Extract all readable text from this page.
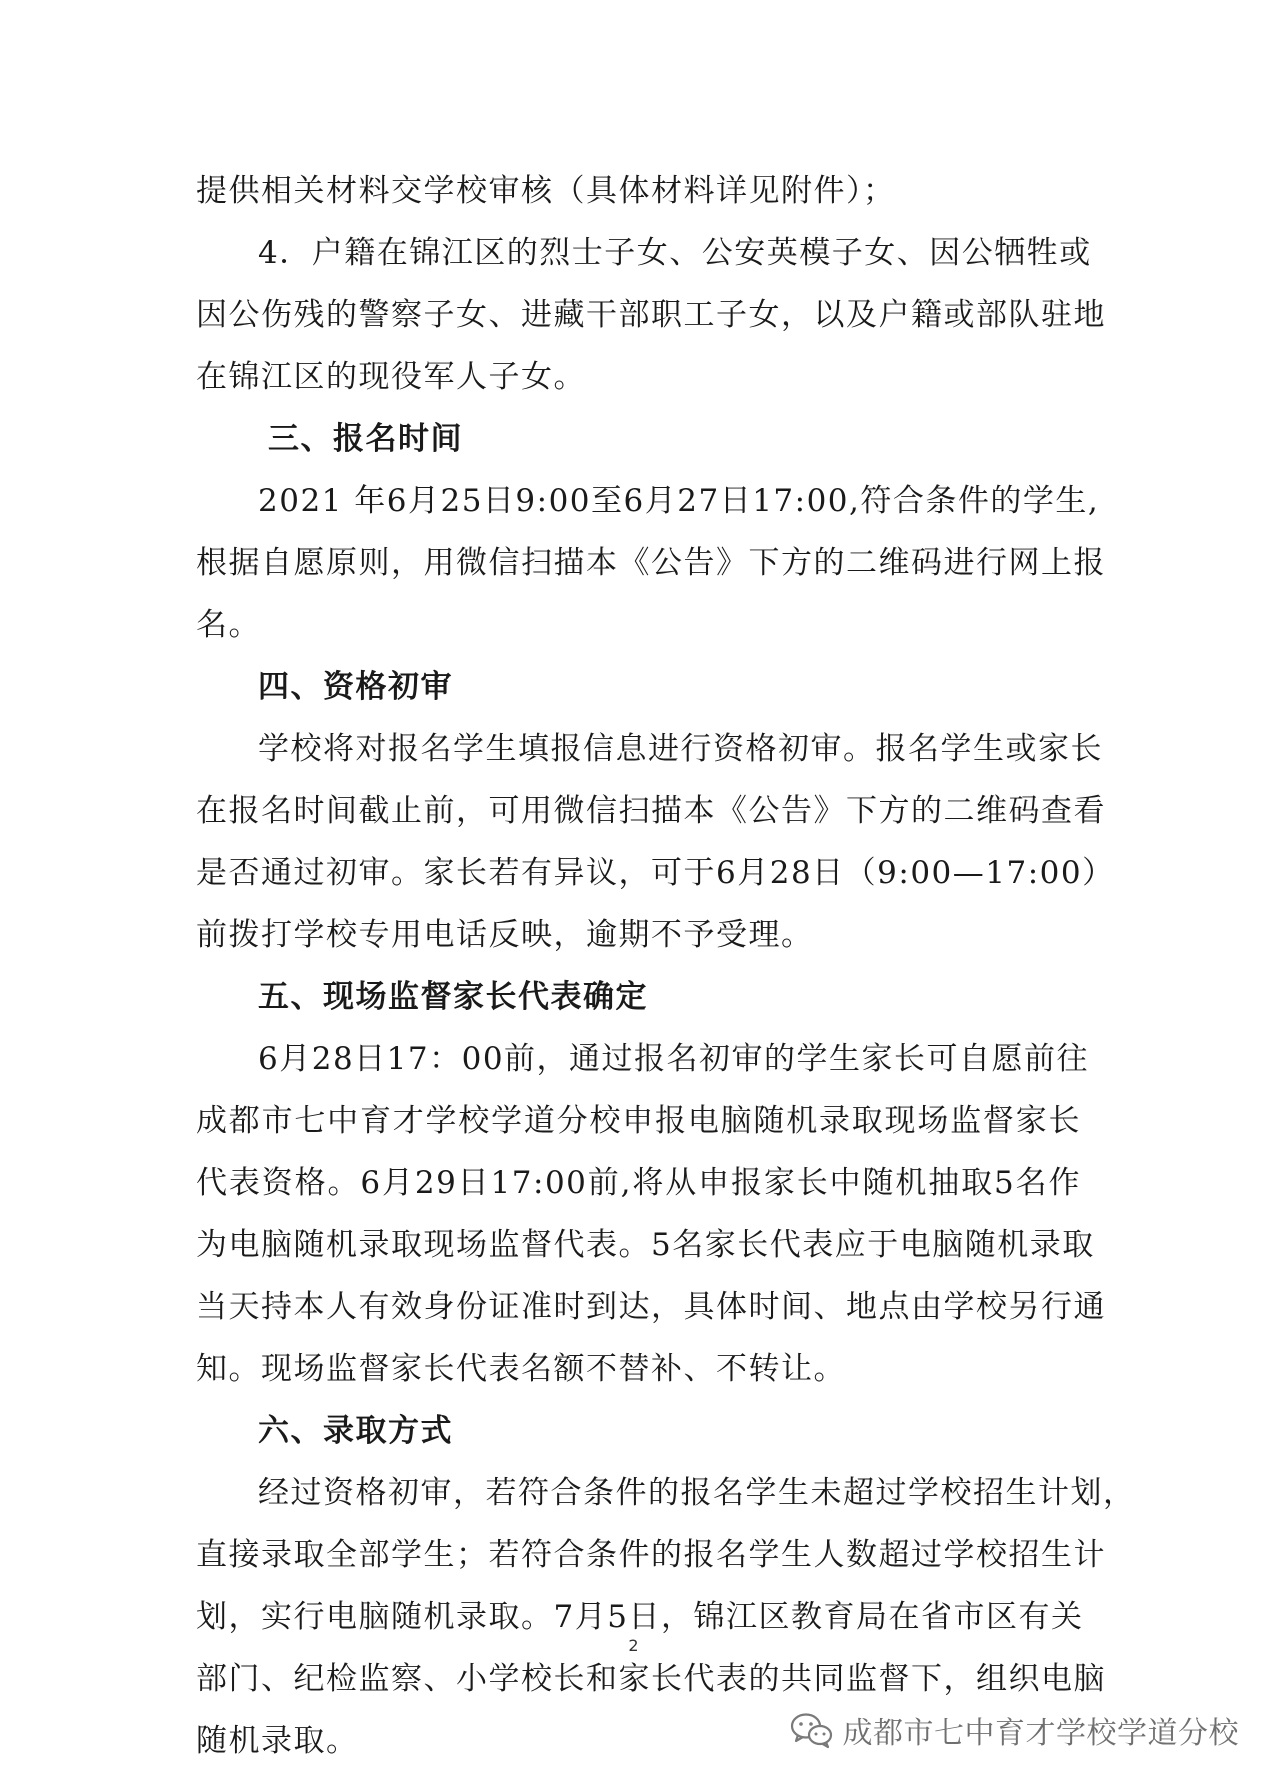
提供相关材料交学校审核（具体材料详见附件）；
4．户籍在锦江区的烈士子女、公安英模子女、因公牺牲或
因公伤残的警察子女、进藏干部职工子女，以及户籍或部队驻地
在锦江区的现役军人子女。
三、报名时间
2021 年6月25日9:00至6月27日17:00,符合条件的学生,
根据自愿原则，用微信扫描本《公告》下方的二维码进行网上报
名。
四、资格初审
学校将对报名学生填报信息进行资格初审。报名学生或家长
在报名时间截止前，可用微信扫描本《公告》下方的二维码查看
是否通过初审。家长若有异议，可于6月28日（9:00—17:00）
前拨打学校专用电话反映，逾期不予受理。
五、现场监督家长代表确定
6月28日17：00前，通过报名初审的学生家长可自愿前往
成都市七中育才学校学道分校申报电脑随机录取现场监督家长
代表资格。6月29日17:00前,将从申报家长中随机抽取5名作
为电脑随机录取现场监督代表。5名家长代表应于电脑随机录取
当天持本人有效身份证准时到达，具体时间、地点由学校另行通
知。现场监督家长代表名额不替补、不转让。
六、录取方式
经过资格初审，若符合条件的报名学生未超过学校招生计划，
直接录取全部学生；若符合条件的报名学生人数超过学校招生计
划，实行电脑随机录取。7月5日，锦江区教育局在省市区有关
部门、纪检监察、小学校长和家长代表的共同监督下，组织电脑
随机录取。
2
成都市七中育才学校学道分校
